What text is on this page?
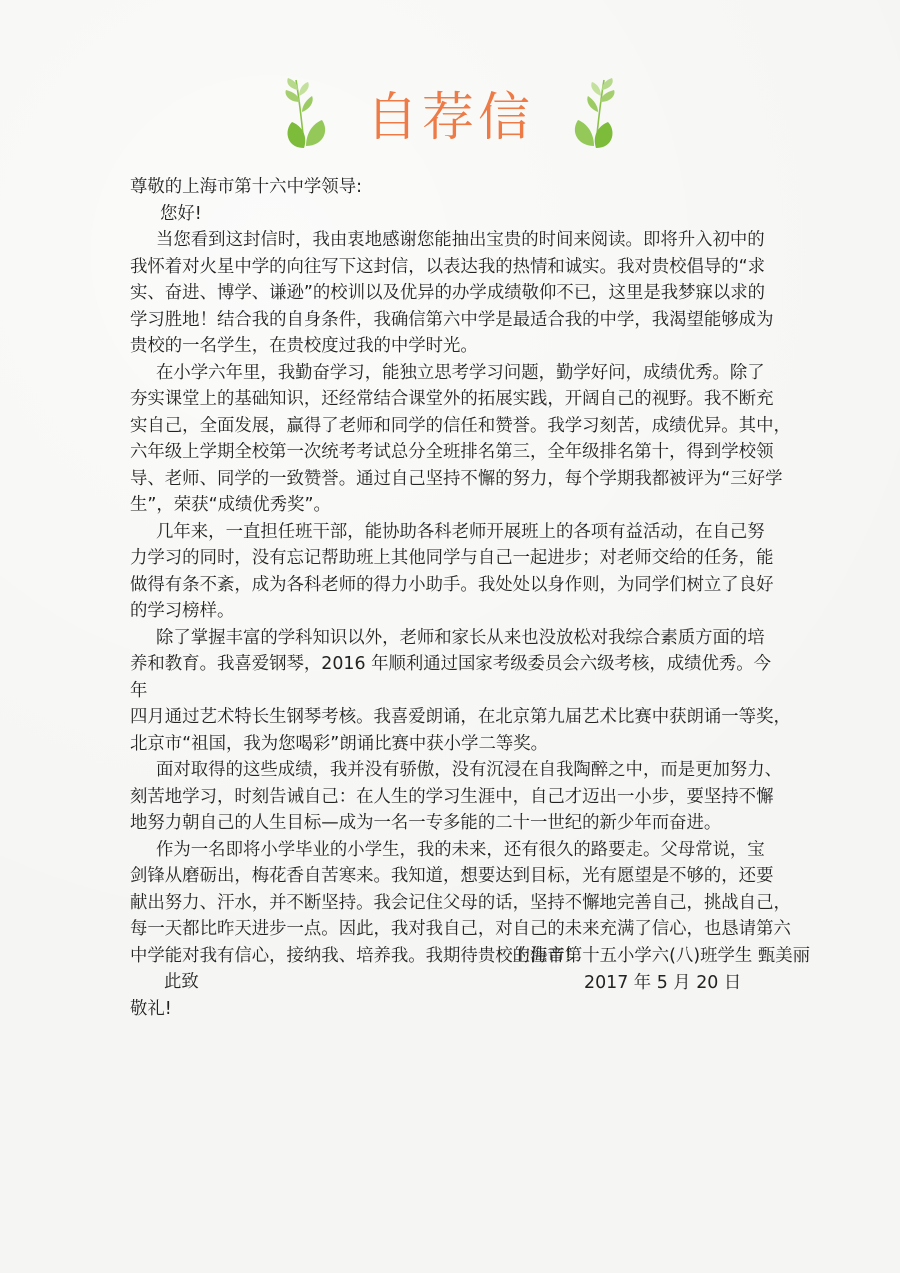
自荐信
尊敬的上海市第十六中学领导:
您好!
当您看到这封信时，我由衷地感谢您能抽出宝贵的时间来阅读。即将升入初中的
我怀着对火星中学的向往写下这封信，以表达我的热情和诚实。我对贵校倡导的“求
实、奋进、博学、谦逊”的校训以及优异的办学成绩敬仰不已，这里是我梦寐以求的
学习胜地！结合我的自身条件，我确信第六中学是最适合我的中学，我渴望能够成为
贵校的一名学生，在贵校度过我的中学时光。
在小学六年里，我勤奋学习，能独立思考学习问题，勤学好问，成绩优秀。除了
夯实课堂上的基础知识，还经常结合课堂外的拓展实践，开阔自己的视野。我不断充
实自己，全面发展，赢得了老师和同学的信任和赞誉。我学习刻苦，成绩优异。其中，
六年级上学期全校第一次统考考试总分全班排名第三，全年级排名第十，得到学校领
导、老师、同学的一致赞誉。通过自己坚持不懈的努力，每个学期我都被评为“三好学
生”，荣获“成绩优秀奖”。
几年来，一直担任班干部，能协助各科老师开展班上的各项有益活动，在自己努
力学习的同时，没有忘记帮助班上其他同学与自己一起进步；对老师交给的任务，能
做得有条不紊，成为各科老师的得力小助手。我处处以身作则，为同学们树立了良好
的学习榜样。
除了掌握丰富的学科知识以外，老师和家长从来也没放松对我综合素质方面的培
养和教育。我喜爱钢琴，2016 年顺利通过国家考级委员会六级考核，成绩优秀。今
年
四月通过艺术特长生钢琴考核。我喜爱朗诵，在北京第九届艺术比赛中获朗诵一等奖，
北京市“祖国，我为您喝彩”朗诵比赛中获小学二等奖。
面对取得的这些成绩，我并没有骄傲，没有沉浸在自我陶醉之中，而是更加努力、
刻苦地学习，时刻告诫自己：在人生的学习生涯中，自己才迈出一小步，要坚持不懈
地努力朝自己的人生目标—成为一名一专多能的二十一世纪的新少年而奋进。
作为一名即将小学毕业的小学生，我的未来，还有很久的路要走。父母常说，宝
剑锋从磨砺出，梅花香自苦寒来。我知道，想要达到目标，光有愿望是不够的，还要
献出努力、汗水，并不断坚持。我会记住父母的话，坚持不懈地完善自己，挑战自己，
每一天都比昨天进步一点。因此，我对我自己，对自己的未来充满了信心，也恳请第六
中学能对我有信心，接纳我、培养我。我期待贵校的佳音!
此致
敬礼!
上海市第十五小学六(八)班学生 甄美丽
2017 年 5 月 20 日
